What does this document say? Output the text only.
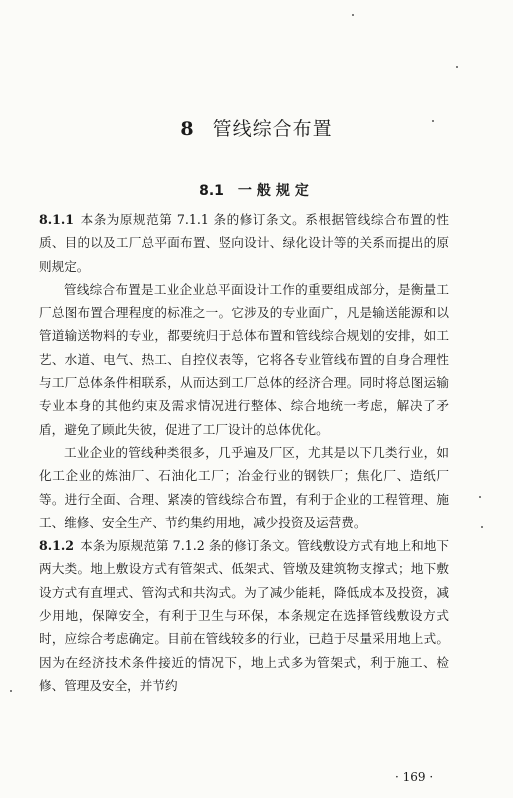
8 管线综合布置
8.1 一般规定

8.1.1 本条为原规范第 7.1.1 条的修订条文。系根据管线综合布置的性质、目的以及工厂总平面布置、竖向设计、绿化设计等的关系而提出的原则规定。

管线综合布置是工业企业总平面设计工作的重要组成部分，是衡量工厂总图布置合理程度的标准之一。它涉及的专业面广，凡是输送能源和以管道输送物料的专业，都要统归于总体布置和管线综合规划的安排，如工艺、水道、电气、热工、自控仪表等，它将各专业管线布置的自身合理性与工厂总体条件相联系，从而达到工厂总体的经济合理。同时将总图运输专业本身的其他约束及需求情况进行整体、综合地统一考虑，解决了矛盾，避免了顾此失彼，促进了工厂设计的总体优化。

工业企业的管线种类很多，几乎遍及厂区，尤其是以下几类行业，如化工企业的炼油厂、石油化工厂；冶金行业的钢铁厂；焦化厂、造纸厂等。进行全面、合理、紧凑的管线综合布置，有利于企业的工程管理、施工、维修、安全生产、节约集约用地，减少投资及运营费。

8.1.2 本条为原规范第 7.1.2 条的修订条文。管线敷设方式有地上和地下两大类。地上敷设方式有管架式、低架式、管墩及建筑物支撑式；地下敷设方式有直埋式、管沟式和共沟式。为了减少能耗，降低成本及投资，减少用地，保障安全，有利于卫生与环保，本条规定在选择管线敷设方式时，应综合考虑确定。目前在管线较多的行业，已趋于尽量采用地上式。因为在经济技术条件接近的情况下，地上式多为管架式，利于施工、检修、管理及安全，并节约

· 169 ·
